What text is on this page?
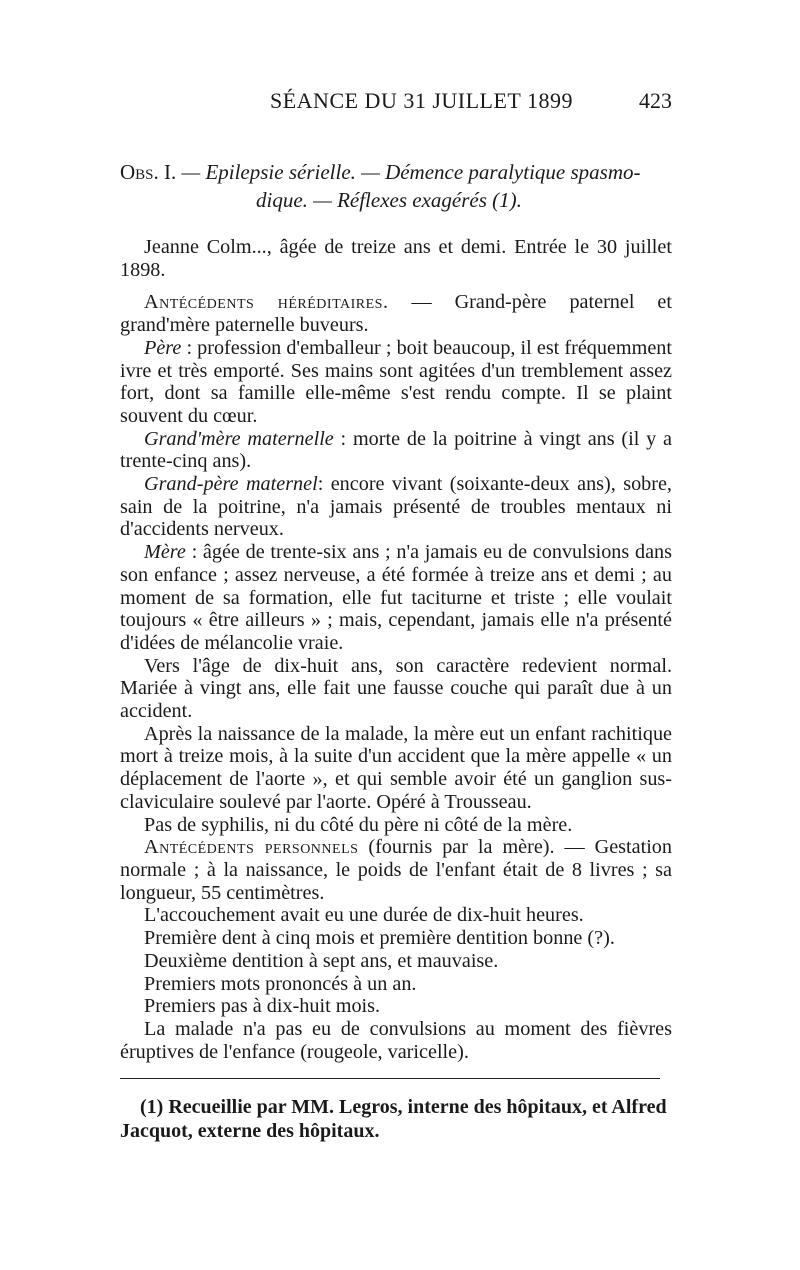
SÉANCE DU 31 JUILLET 1899	423
Obs. I. — Epilepsie sérielle. — Démence paralytique spasmo-
dique. — Réflexes exagérés (1).

Jeanne Colm..., âgée de treize ans et demi. Entrée le 30 juillet 1898.

Antécédents héréditaires. — Grand-père paternel et grand'mère paternelle buveurs.

Père : profession d'emballeur ; boit beaucoup, il est fréquemment ivre et très emporté. Ses mains sont agitées d'un tremblement assez fort, dont sa famille elle-même s'est rendu compte. Il se plaint souvent du cœur.

Grand'mère maternelle : morte de la poitrine à vingt ans (il y a trente-cinq ans).

Grand-père maternel: encore vivant (soixante-deux ans), sobre, sain de la poitrine, n'a jamais présenté de troubles mentaux ni d'accidents nerveux.

Mère : âgée de trente-six ans ; n'a jamais eu de convulsions dans son enfance ; assez nerveuse, a été formée à treize ans et demi ; au moment de sa formation, elle fut taciturne et triste ; elle voulait toujours « être ailleurs » ; mais, cependant, jamais elle n'a présenté d'idées de mélancolie vraie.

Vers l'âge de dix-huit ans, son caractère redevient normal. Mariée à vingt ans, elle fait une fausse couche qui paraît due à un accident.

Après la naissance de la malade, la mère eut un enfant rachitique mort à treize mois, à la suite d'un accident que la mère appelle « un déplacement de l'aorte », et qui semble avoir été un ganglion sus-claviculaire soulevé par l'aorte. Opéré à Trousseau.

Pas de syphilis, ni du côté du père ni côté de la mère.

Antécédents personnels (fournis par la mère). — Gestation normale ; à la naissance, le poids de l'enfant était de 8 livres ; sa longueur, 55 centimètres.

L'accouchement avait eu une durée de dix-huit heures.

Première dent à cinq mois et première dentition bonne (?).

Deuxième dentition à sept ans, et mauvaise.

Premiers mots prononcés à un an.

Premiers pas à dix-huit mois.

La malade n'a pas eu de convulsions au moment des fièvres éruptives de l'enfance (rougeole, varicelle).

(1) Recueillie par MM. Legros, interne des hôpitaux, et Alfred
Jacquot, externe des hôpitaux.
